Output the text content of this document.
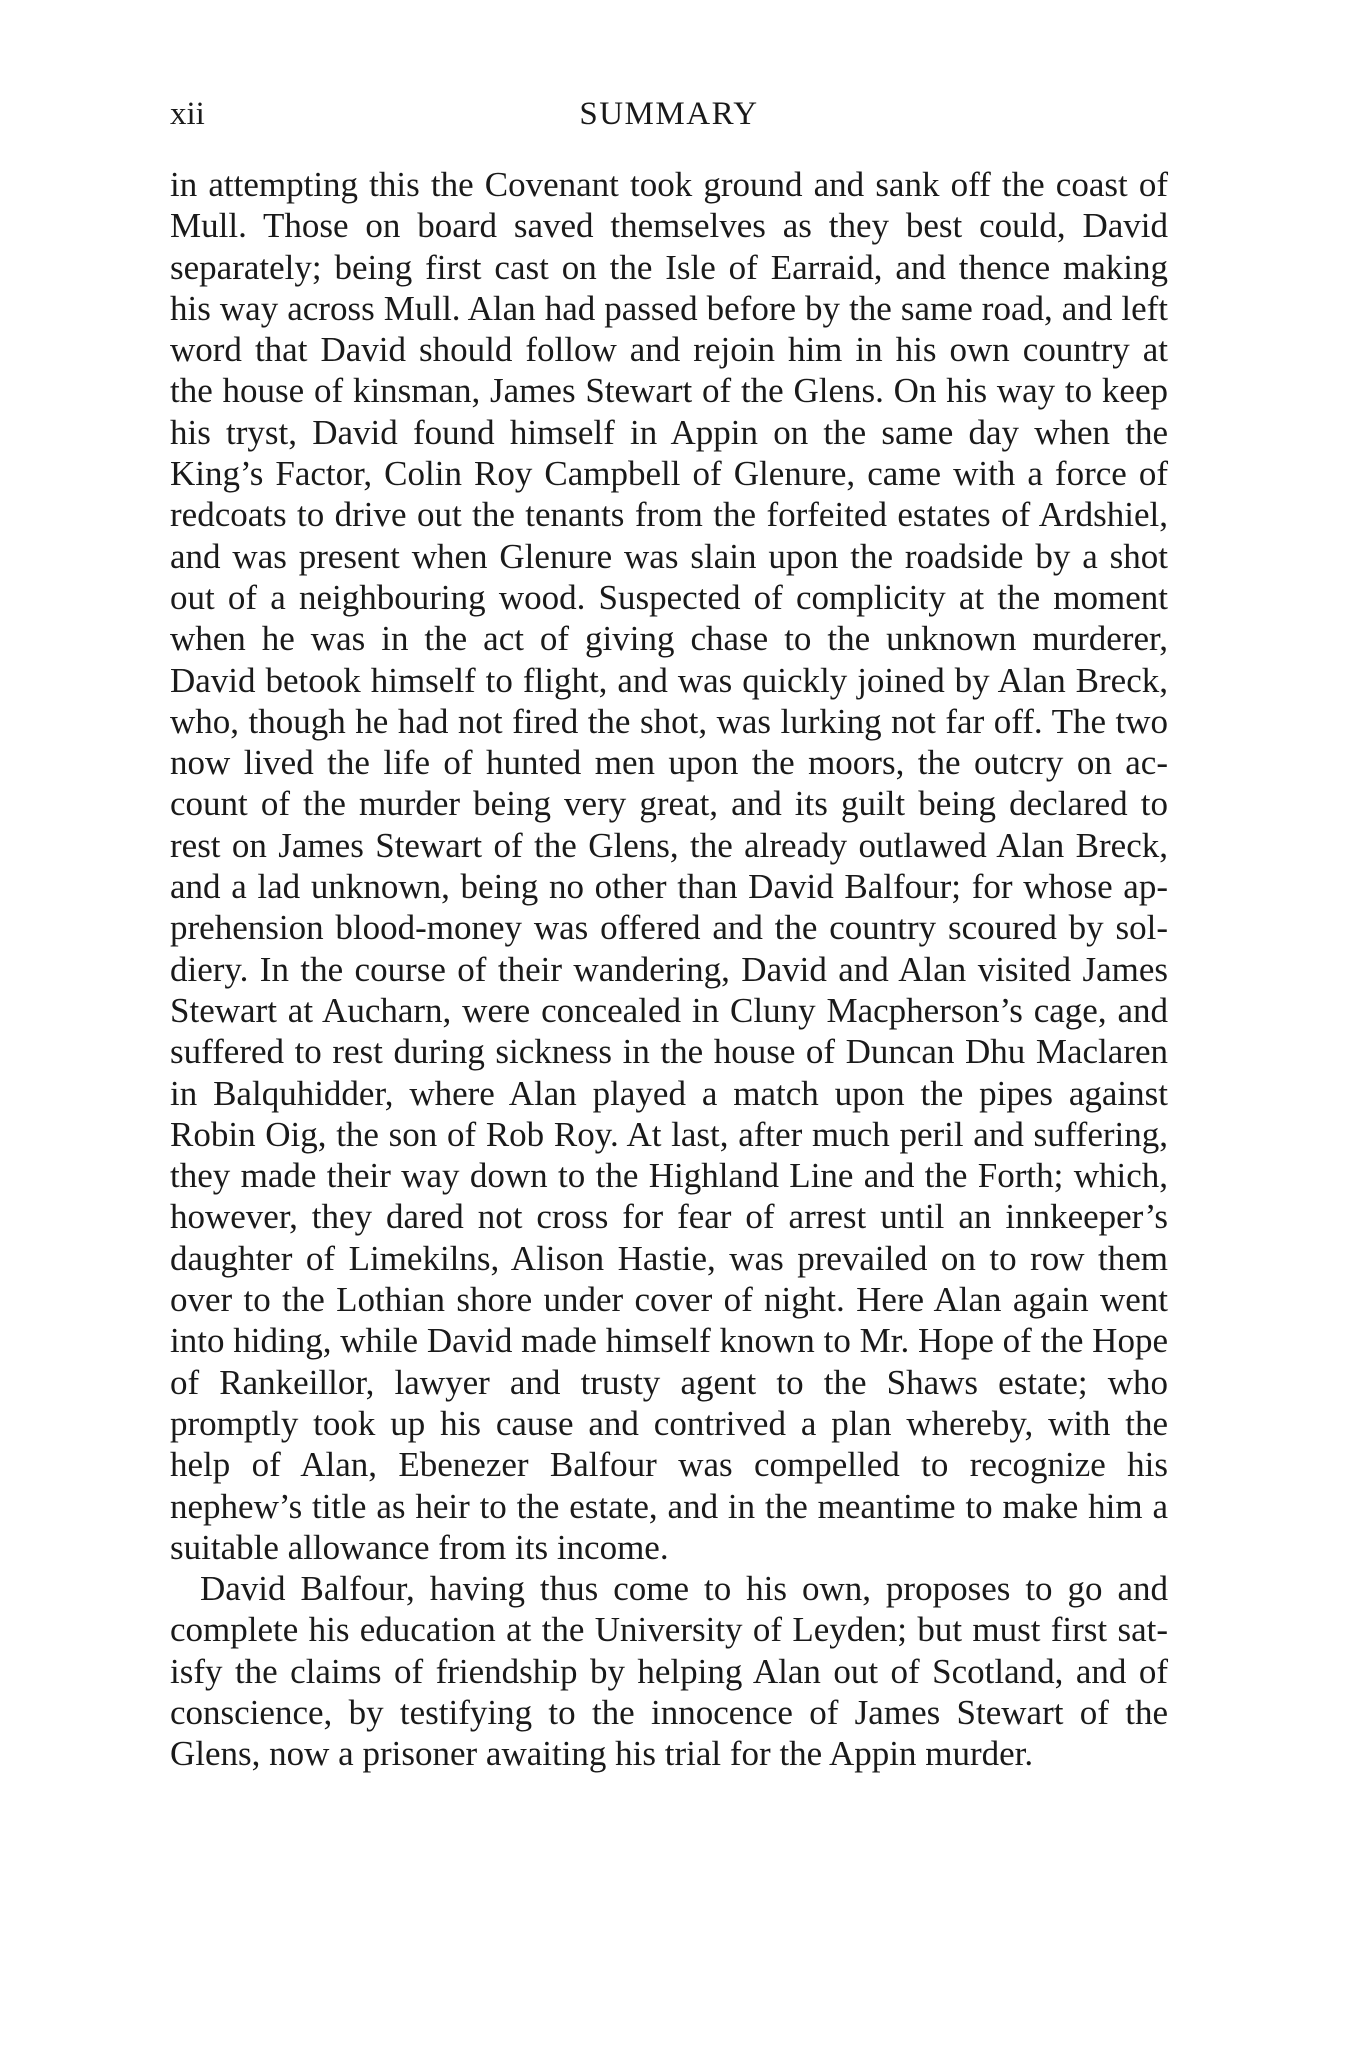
xii	SUMMARY

in attempting this the Covenant took ground and sank off the coast of Mull. Those on board saved themselves as they best could, David separately; being first cast on the Isle of Earraid, and thence making his way across Mull. Alan had passed before by the same road, and left word that David should follow and rejoin him in his own country at the house of kinsman, James Stewart of the Glens. On his way to keep his tryst, David found himself in Appin on the same day when the King’s Factor, Colin Roy Campbell of Glenure, came with a force of redcoats to drive out the tenants from the forfeited estates of Ardshiel, and was present when Glenure was slain upon the roadside by a shot out of a neighbouring wood. Suspected of complicity at the moment when he was in the act of giving chase to the unknown murderer, David betook himself to flight, and was quickly joined by Alan Breck, who, though he had not fired the shot, was lurking not far off. The two now lived the life of hunted men upon the moors, the outcry on account of the murder being very great, and its guilt being declared to rest on James Stewart of the Glens, the already outlawed Alan Breck, and a lad unknown, being no other than David Balfour; for whose apprehension blood-money was offered and the country scoured by soldiery. In the course of their wandering, David and Alan visited James Stewart at Aucharn, were concealed in Cluny Macpherson’s cage, and suffered to rest during sickness in the house of Duncan Dhu Maclaren in Balquhidder, where Alan played a match upon the pipes against Robin Oig, the son of Rob Roy. At last, after much peril and suffering, they made their way down to the Highland Line and the Forth; which, however, they dared not cross for fear of arrest until an innkeeper’s daughter of Limekilns, Alison Hastie, was prevailed on to row them over to the Lothian shore under cover of night. Here Alan again went into hiding, while David made himself known to Mr. Hope of the Hope of Rankeillor, lawyer and trusty agent to the Shaws estate; who promptly took up his cause and contrived a plan whereby, with the help of Alan, Ebenezer Balfour was compelled to recognize his nephew’s title as heir to the estate, and in the meantime to make him a suitable allowance from its income.

David Balfour, having thus come to his own, proposes to go and complete his education at the University of Leyden; but must first satisfy the claims of friendship by helping Alan out of Scotland, and of conscience, by testifying to the innocence of James Stewart of the Glens, now a prisoner awaiting his trial for the Appin murder.
